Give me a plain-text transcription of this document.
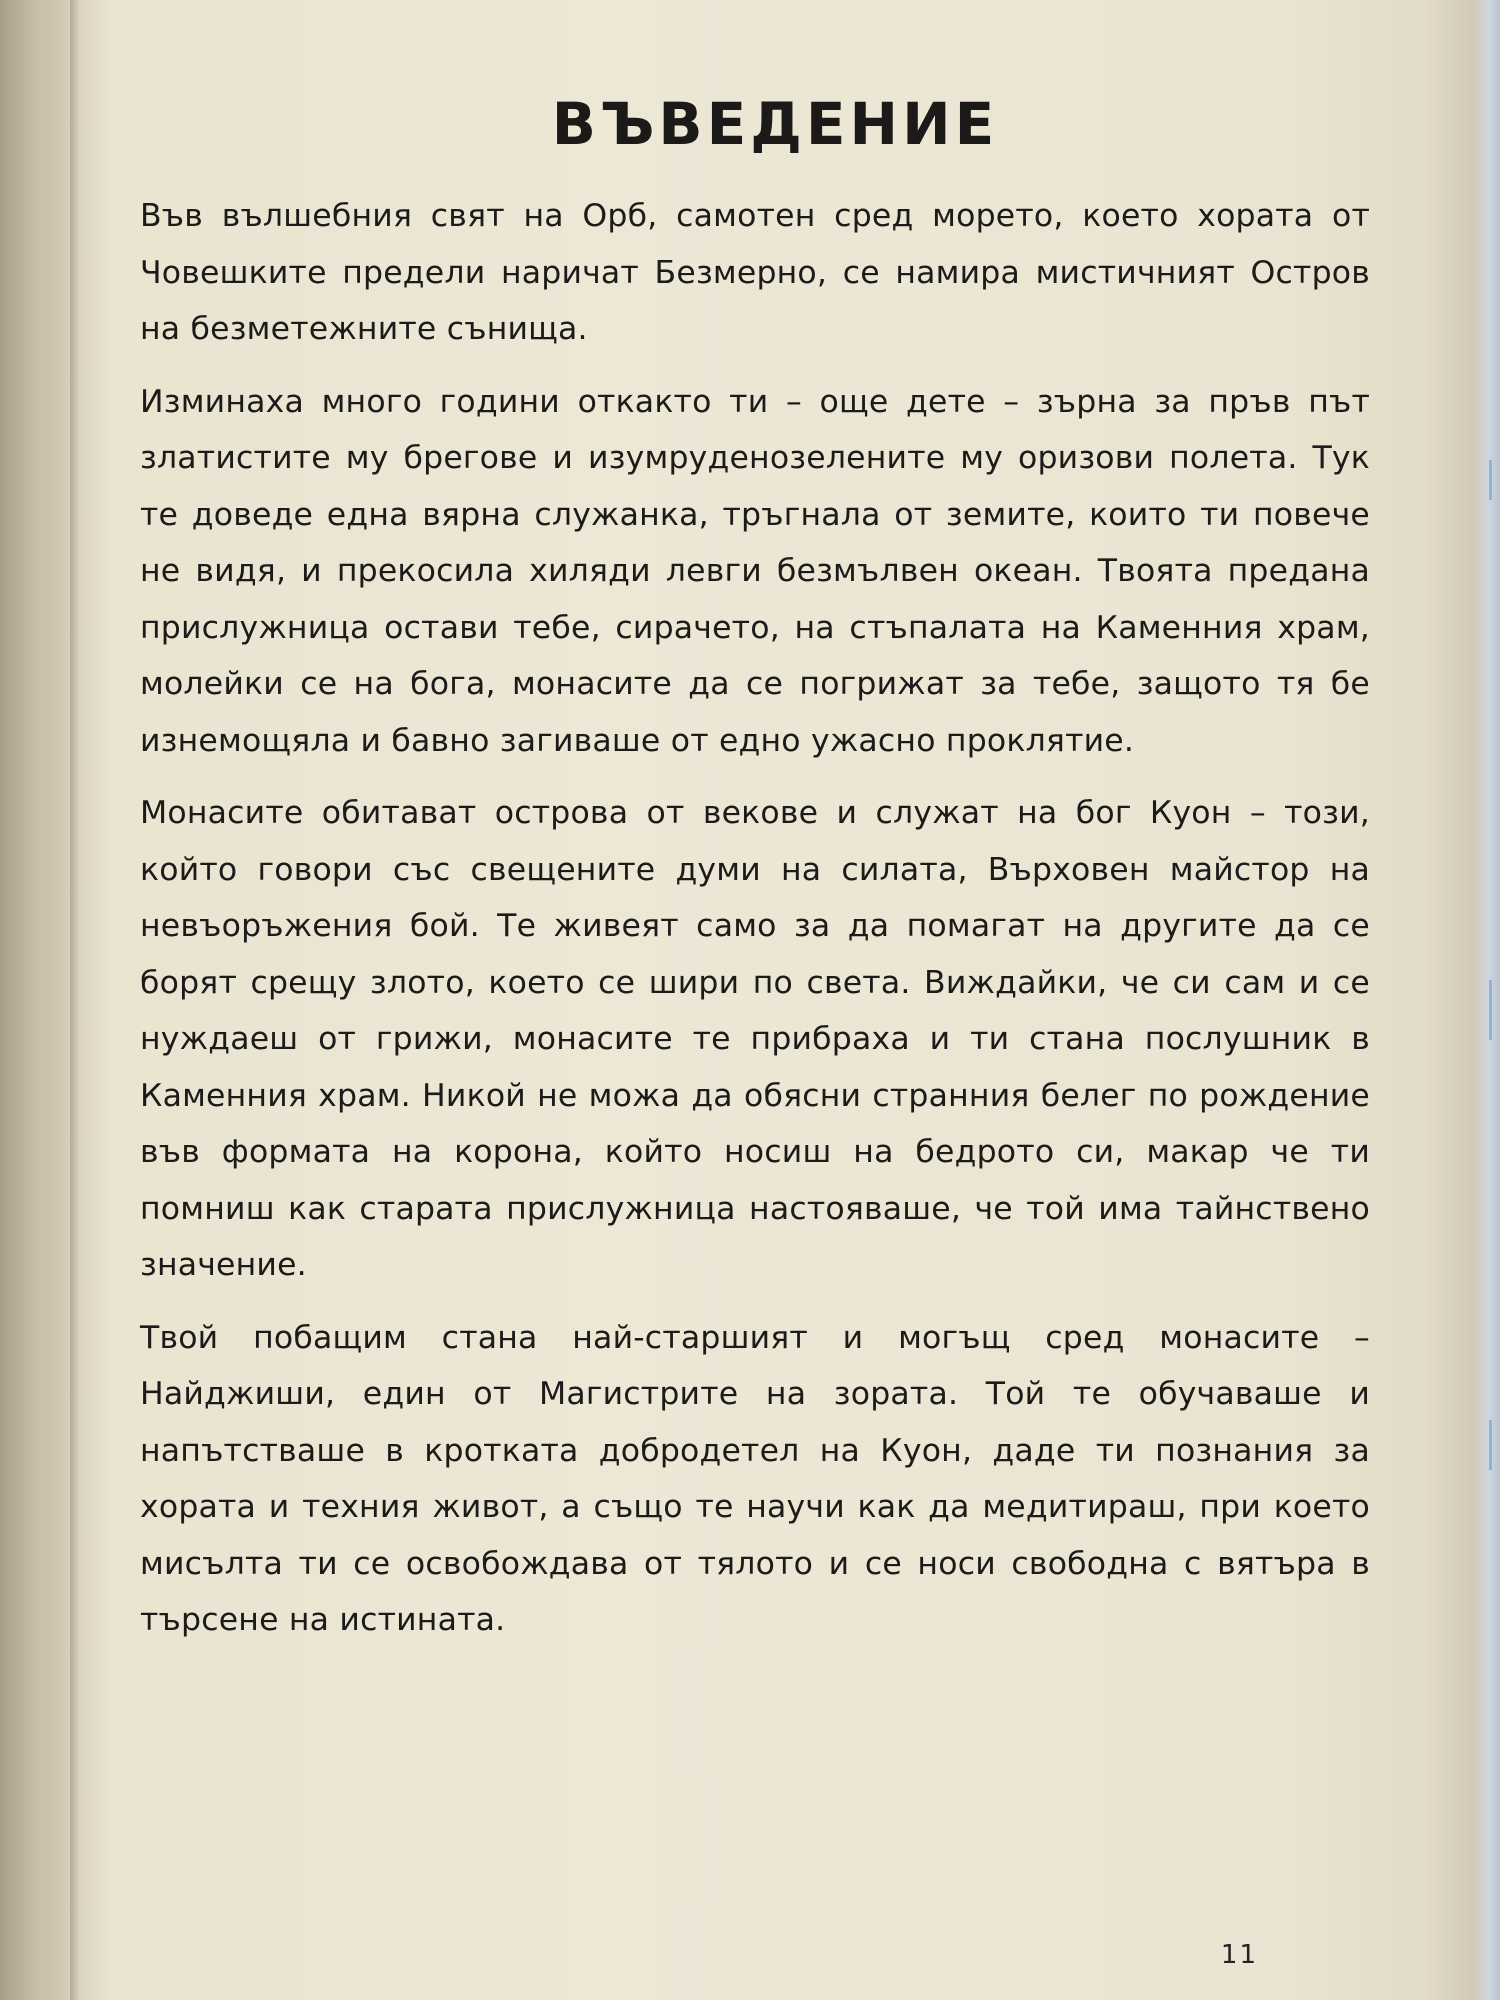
ВЪВЕДЕНИЕ

Във вълшебния свят на Орб, самотен сред морето, което хората от Човешките предели наричат Безмерно, се намира мистичният Остров на безметежните сънища.

Изминаха много години откакто ти – още дете – зърна за пръв път златистите му брегове и изумруденозелените му оризови полета. Тук те доведе една вярна служанка, тръгнала от земите, които ти повече не видя, и прекосила хиляди левги безмълвен океан. Твоята предана прислужница остави тебе, сирачето, на стъпалата на Каменния храм, молейки се на бога, монасите да се погрижат за тебе, защото тя бе изнемощяла и бавно загиваше от едно ужасно проклятие.

Монасите обитават острова от векове и служат на бог Куон – този, който говори със свещените думи на силата, Върховен майстор на невъоръжения бой. Те живеят само за да помагат на другите да се борят срещу злото, което се шири по света. Виждайки, че си сам и се нуждаеш от грижи, монасите те прибраха и ти стана послушник в Каменния храм. Никой не можа да обясни странния белег по рождение във формата на корона, който носиш на бедрото си, макар че ти помниш как старата прислужница настояваше, че той има тайнствено значение.

Твой побащим стана най-старшият и могъщ сред монасите – Найджиши, един от Магистрите на зората. Той те обучаваше и напътстваше в кротката добродетел на Куон, даде ти познания за хората и техния живот, а също те научи как да медитираш, при което мисълта ти се освобождава от тялото и се носи свободна с вятъра в търсене на истината.

11
